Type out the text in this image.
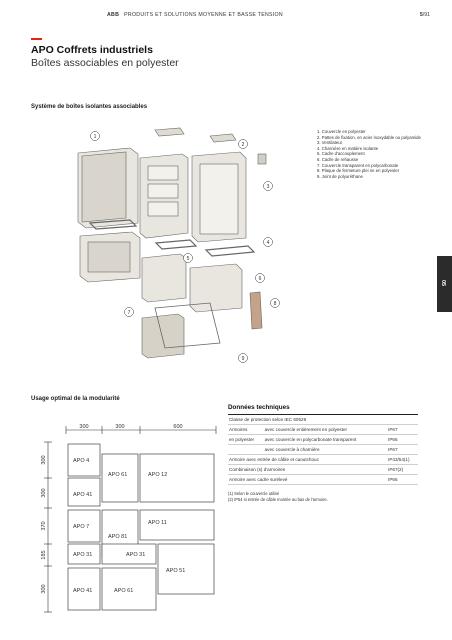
ABB PRODUITS ET SOLUTIONS MOYENNE ET BASSE TENSION	5/91
APO Coffrets industriels
Boîtes associables en polyester
Système de boîtes isolantes associables
1
2
3
4
5
6
7
8
9
1. Couvercle en polyester
2. Pattes de fixation, en acier inoxydable ou polyamide
3. Ventilateur
4. Charnière en matière isolante
5. Cadre d'accouplement
6. Cadre de rehausse
7. Couvercle transparent en polycarbonate
8. Plaque de fermeture plei ne en polyester
9. Joint de polyuréthane
05
Usage optimal de la modularité
300	300	600
300
300
370
185
300
APO 4
APO 61	APO 12
APO 41
APO 7
APO 11
APO 81
APO 31	APO 31
APO 51
APO 41	APO 61
Données techniques
Classe de protection selon IEC 60529		
Armoires	avec couvercle entièrement en polyester	IP67
en polyester	avec couvercle en polycarbonate transparent	IP66
	avec couvercle à charnière	IP67
Armoire avec entrée de câble et caoutchouc		IP43/54(1)
Combinaison (s) d'armoires		IP67(2)
Armoire avec cadre surélevé		IP66
(1) Selon le couvercle utilisé
(2) IP54 si entrée de câble montée au bas de l'armoire.
